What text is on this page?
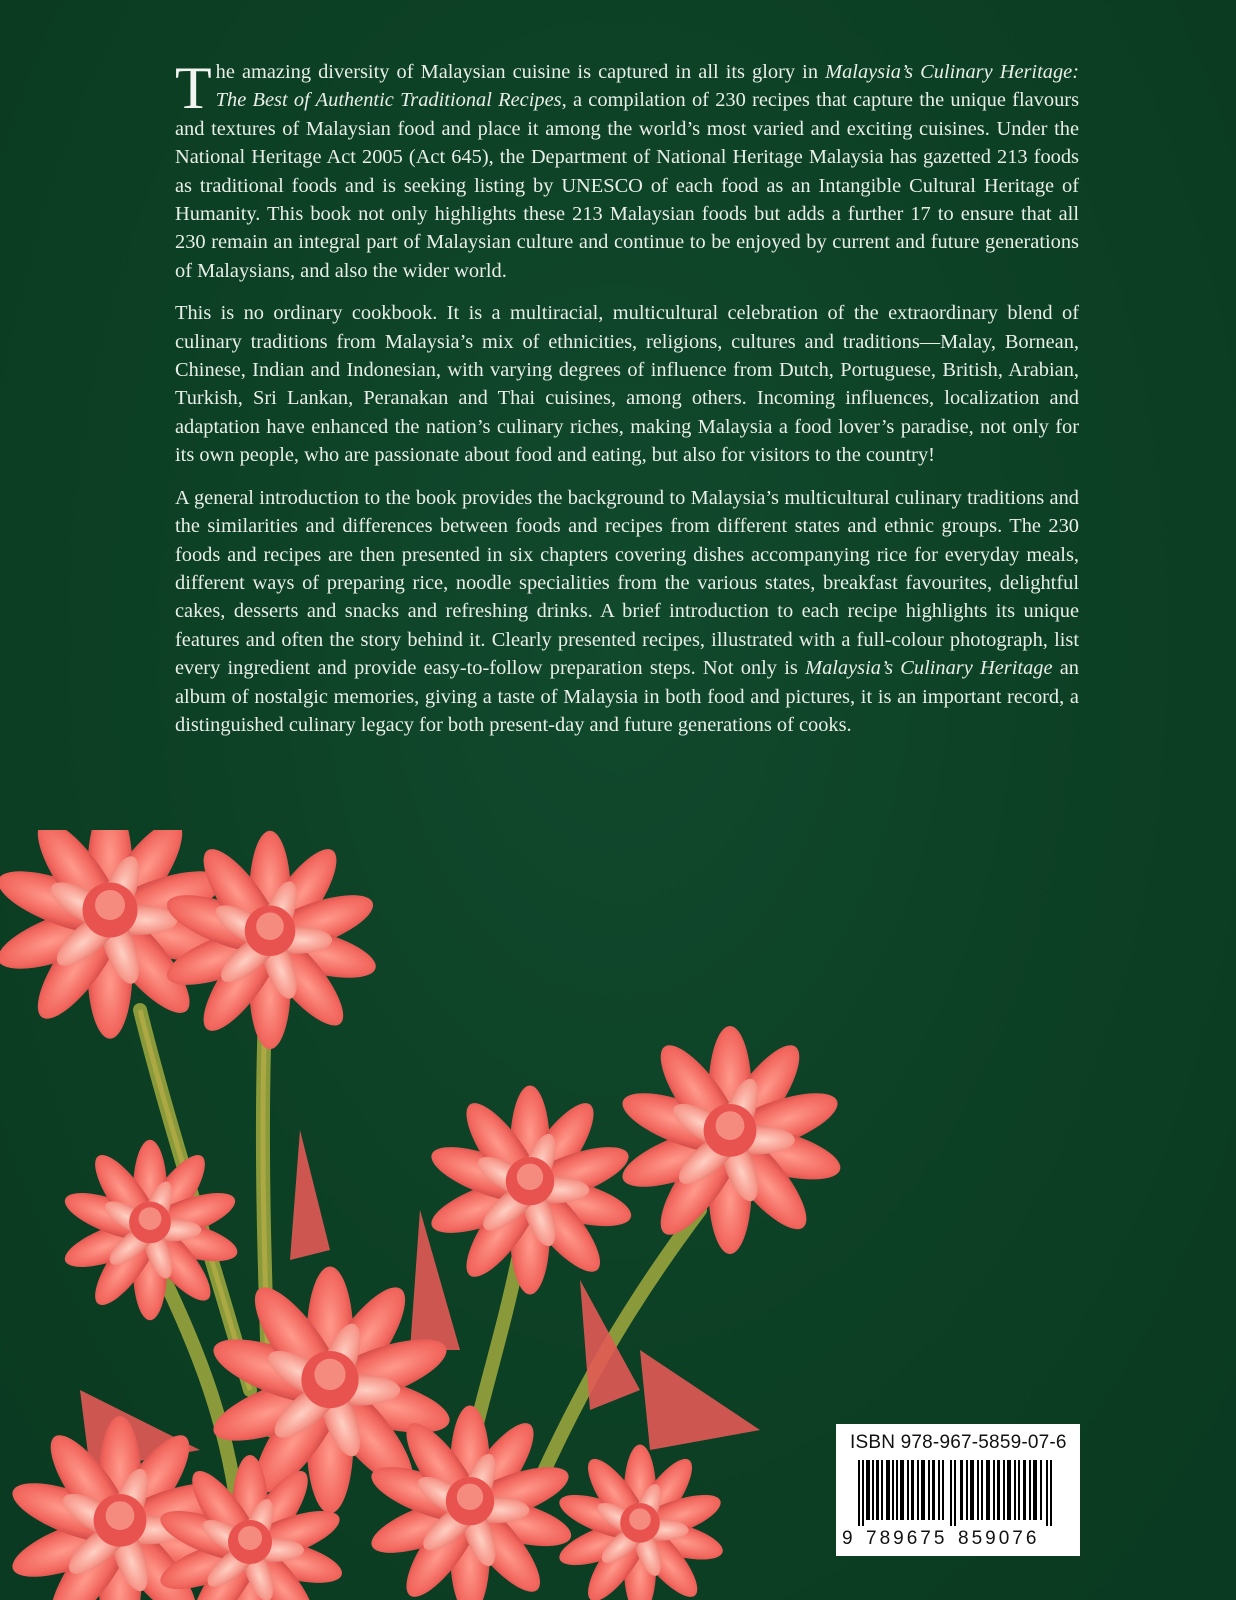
The amazing diversity of Malaysian cuisine is captured in all its glory in Malaysia’s Culinary Heritage: The Best of Authentic Traditional Recipes, a compilation of 230 recipes that capture the unique flavours and textures of Malaysian food and place it among the world’s most varied and exciting cuisines. Under the National Heritage Act 2005 (Act 645), the Department of National Heritage Malaysia has gazetted 213 foods as traditional foods and is seeking listing by UNESCO of each food as an Intangible Cultural Heritage of Humanity. This book not only highlights these 213 Malaysian foods but adds a further 17 to ensure that all 230 remain an integral part of Malaysian culture and continue to be enjoyed by current and future generations of Malaysians, and also the wider world.

This is no ordinary cookbook. It is a multiracial, multicultural celebration of the extraordinary blend of culinary traditions from Malaysia’s mix of ethnicities, religions, cultures and traditions—Malay, Bornean, Chinese, Indian and Indonesian, with varying degrees of influence from Dutch, Portuguese, British, Arabian, Turkish, Sri Lankan, Peranakan and Thai cuisines, among others. Incoming influences, localization and adaptation have enhanced the nation’s culinary riches, making Malaysia a food lover’s paradise, not only for its own people, who are passionate about food and eating, but also for visitors to the country!

A general introduction to the book provides the background to Malaysia’s multicultural culinary traditions and the similarities and differences between foods and recipes from different states and ethnic groups. The 230 foods and recipes are then presented in six chapters covering dishes accompanying rice for everyday meals, different ways of preparing rice, noodle specialities from the various states, breakfast favourites, delightful cakes, desserts and snacks and refreshing drinks. A brief introduction to each recipe highlights its unique features and often the story behind it. Clearly presented recipes, illustrated with a full-colour photograph, list every ingredient and provide easy-to-follow preparation steps. Not only is Malaysia’s Culinary Heritage an album of nostalgic memories, giving a taste of Malaysia in both food and pictures, it is an important record, a distinguished culinary legacy for both present-day and future generations of cooks.

ISBN 978-967-5859-07-6
9 789675 859076
